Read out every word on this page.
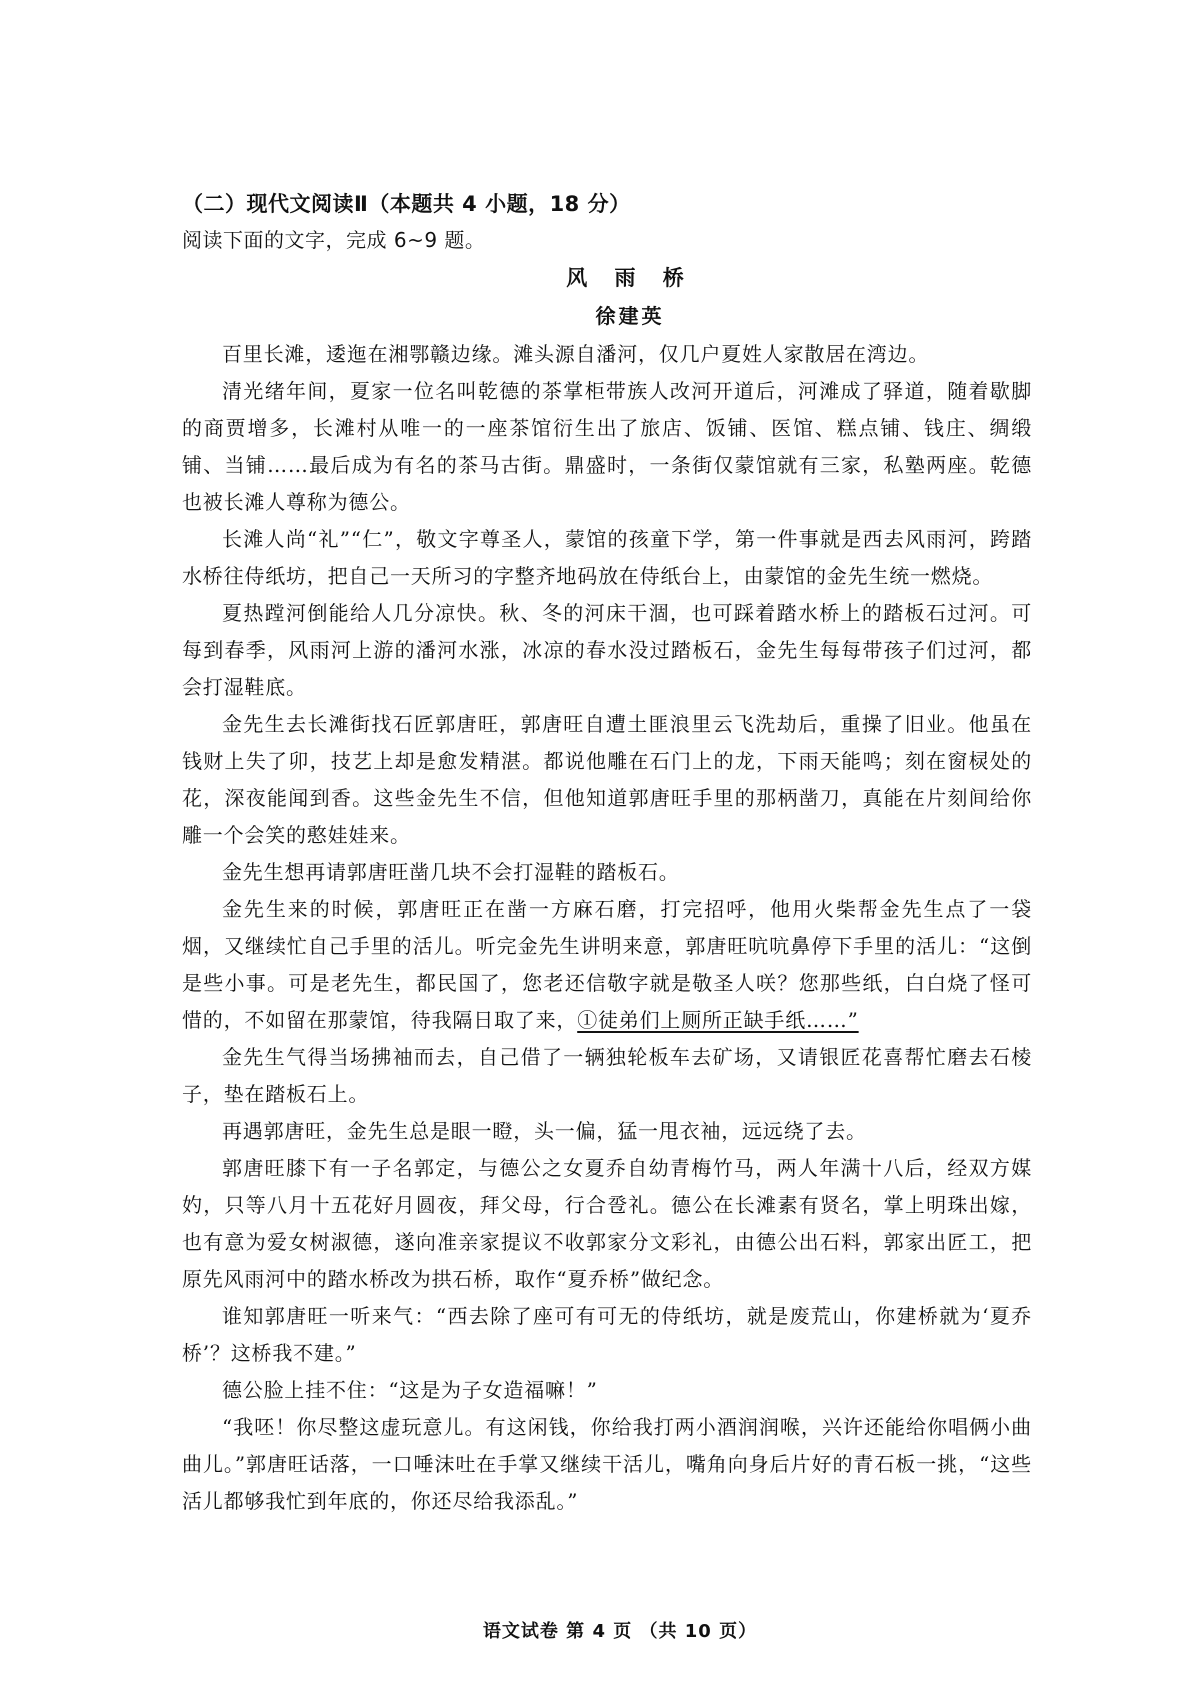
（二）现代文阅读Ⅱ（本题共 4 小题，18 分）
阅读下面的文字，完成 6~9 题。
风 雨 桥
徐建英

百里长滩，逶迤在湘鄂赣边缘。滩头源自潘河，仅几户夏姓人家散居在湾边。

清光绪年间，夏家一位名叫乾德的茶掌柜带族人改河开道后，河滩成了驿道，随着歇脚的商贾增多，长滩村从唯一的一座茶馆衍生出了旅店、饭铺、医馆、糕点铺、钱庄、绸缎铺、当铺……最后成为有名的茶马古街。鼎盛时，一条街仅蒙馆就有三家，私塾两座。乾德也被长滩人尊称为德公。

长滩人尚“礼”“仁”，敬文字尊圣人，蒙馆的孩童下学，第一件事就是西去风雨河，跨踏水桥往侍纸坊，把自己一天所习的字整齐地码放在侍纸台上，由蒙馆的金先生统一燃烧。

夏热蹚河倒能给人几分凉快。秋、冬的河床干涸，也可踩着踏水桥上的踏板石过河。可每到春季，风雨河上游的潘河水涨，冰凉的春水没过踏板石，金先生每每带孩子们过河，都会打湿鞋底。

金先生去长滩街找石匠郭唐旺，郭唐旺自遭土匪浪里云飞洗劫后，重操了旧业。他虽在钱财上失了卯，技艺上却是愈发精湛。都说他雕在石门上的龙，下雨天能鸣；刻在窗棂处的花，深夜能闻到香。这些金先生不信，但他知道郭唐旺手里的那柄凿刀，真能在片刻间给你雕一个会笑的憨娃娃来。

金先生想再请郭唐旺凿几块不会打湿鞋的踏板石。

金先生来的时候，郭唐旺正在凿一方麻石磨，打完招呼，他用火柴帮金先生点了一袋烟，又继续忙自己手里的活儿。听完金先生讲明来意，郭唐旺吭吭鼻停下手里的活儿：“这倒是些小事。可是老先生，都民国了，您老还信敬字就是敬圣人咲？您那些纸，白白烧了怪可惜的，不如留在那蒙馆，待我隔日取了来，①徒弟们上厕所正缺手纸……”

金先生气得当场拂袖而去，自己借了一辆独轮板车去矿场，又请银匠花喜帮忙磨去石棱子，垫在踏板石上。

再遇郭唐旺，金先生总是眼一瞪，头一偏，猛一甩衣袖，远远绕了去。

郭唐旺膝下有一子名郭定，与德公之女夏乔自幼青梅竹马，两人年满十八后，经双方媒妁，只等八月十五花好月圆夜，拜父母，行合卺礼。德公在长滩素有贤名，掌上明珠出嫁，也有意为爱女树淑德，遂向准亲家提议不收郭家分文彩礼，由德公出石料，郭家出匠工，把原先风雨河中的踏水桥改为拱石桥，取作“夏乔桥”做纪念。

谁知郭唐旺一听来气：“西去除了座可有可无的侍纸坊，就是废荒山，你建桥就为‘夏乔桥’？这桥我不建。”

德公脸上挂不住：“这是为子女造福嘛！”

“我呸！你尽整这虚玩意儿。有这闲钱，你给我打两小酒润润喉，兴许还能给你唱俩小曲曲儿。”郭唐旺话落，一口唾沫吐在手掌又继续干活儿，嘴角向身后片好的青石板一挑，“这些活儿都够我忙到年底的，你还尽给我添乱。”

语文试卷 第 4 页 （共 10 页）
